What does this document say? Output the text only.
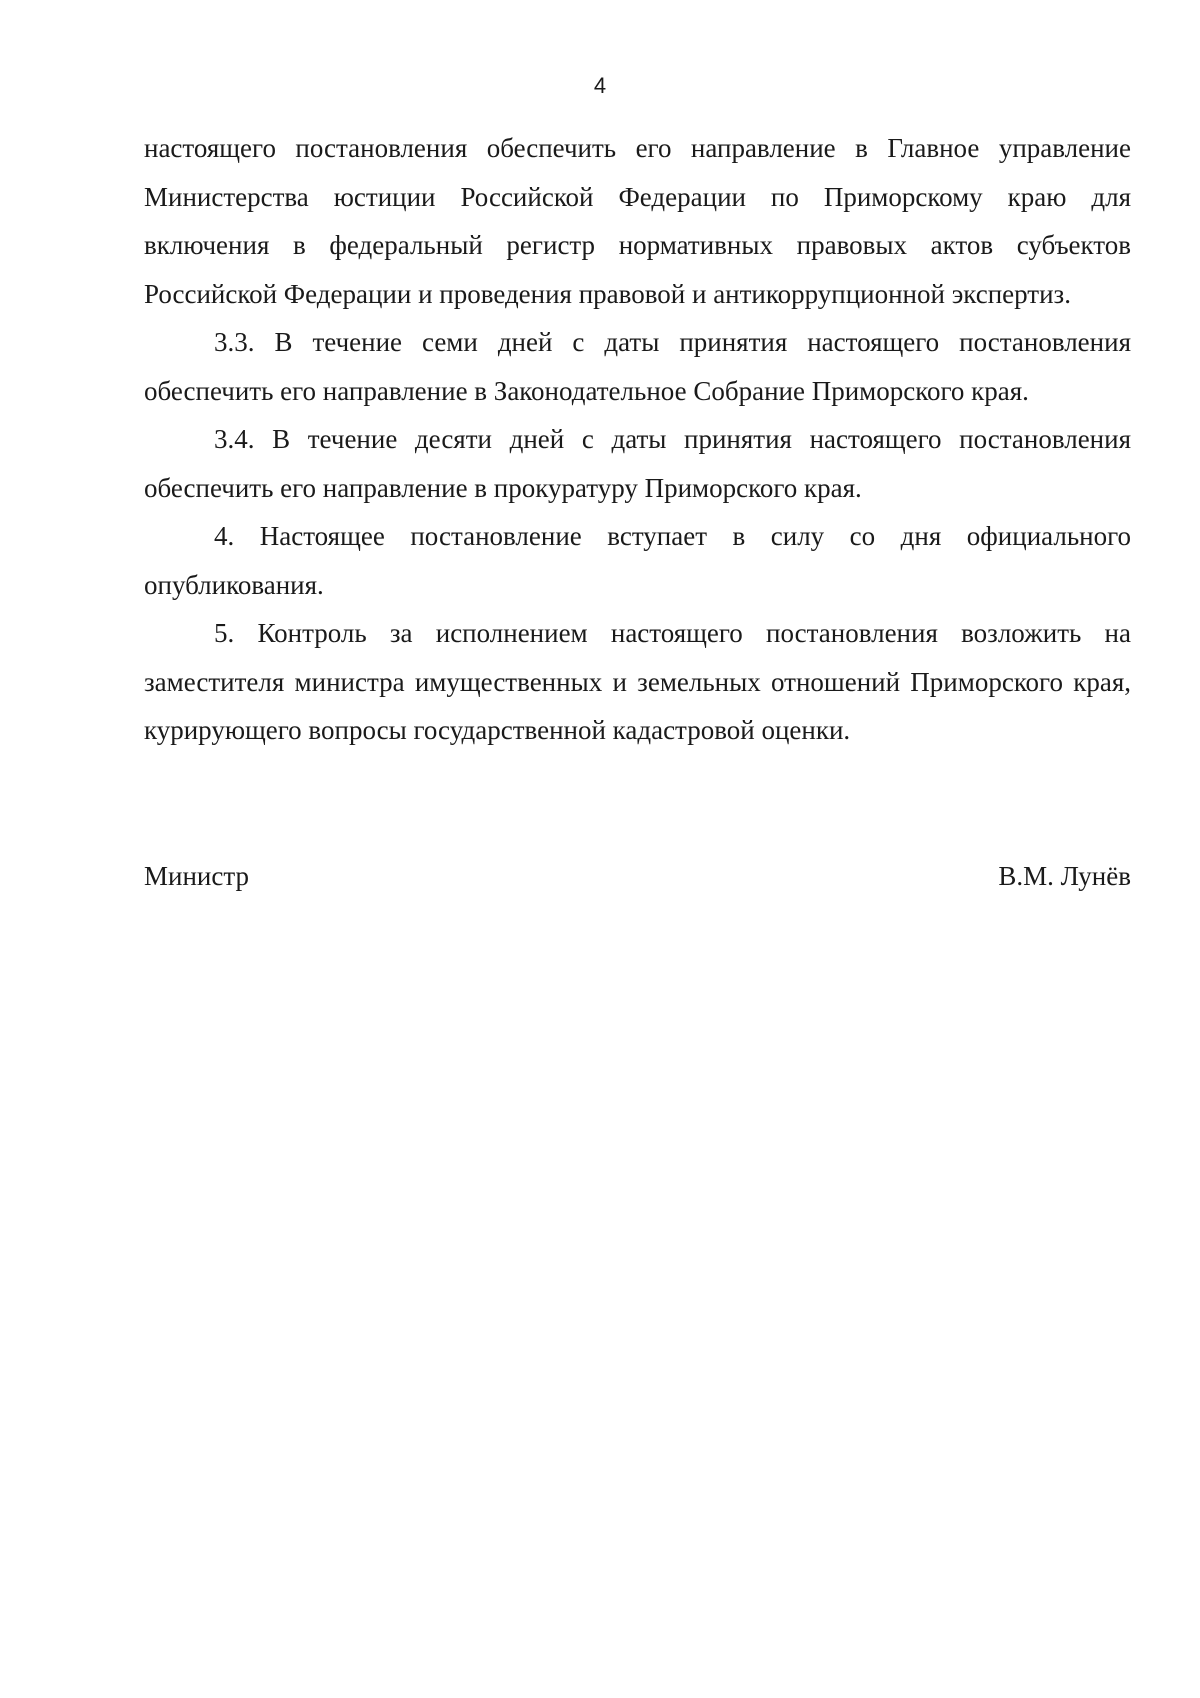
4

настоящего постановления обеспечить его направление в Главное управление Министерства юстиции Российской Федерации по Приморскому краю для включения в федеральный регистр нормативных правовых актов субъектов Российской Федерации и проведения правовой и антикоррупционной экспертиз.

3.3. В течение семи дней с даты принятия настоящего постановления обеспечить его направление в Законодательное Собрание Приморского края.

3.4. В течение десяти дней с даты принятия настоящего постановления обеспечить его направление в прокуратуру Приморского края.

4. Настоящее постановление вступает в силу со дня официального опубликования.

5. Контроль за исполнением настоящего постановления возложить на заместителя министра имущественных и земельных отношений Приморского края, курирующего вопросы государственной кадастровой оценки.

Министр	В.М. Лунёв
